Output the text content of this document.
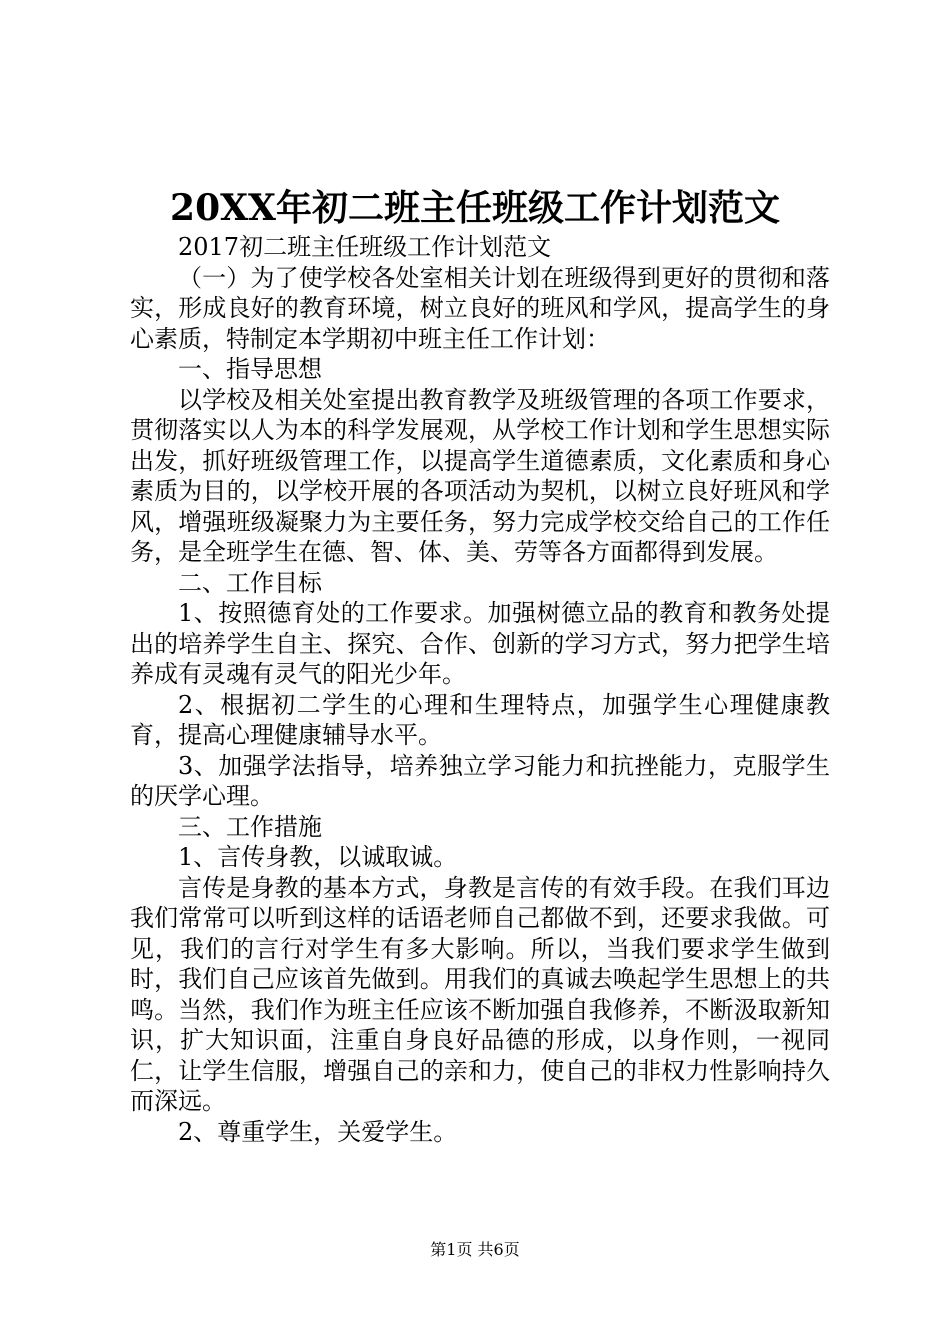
20XX年初二班主任班级工作计划范文

2017初二班主任班级工作计划范文

（一）为了使学校各处室相关计划在班级得到更好的贯彻和落实，形成良好的教育环境，树立良好的班风和学风，提高学生的身心素质，特制定本学期初中班主任工作计划：

一、指导思想

以学校及相关处室提出教育教学及班级管理的各项工作要求，贯彻落实以人为本的科学发展观，从学校工作计划和学生思想实际出发，抓好班级管理工作，以提高学生道德素质，文化素质和身心素质为目的，以学校开展的各项活动为契机，以树立良好班风和学风，增强班级凝聚力为主要任务，努力完成学校交给自己的工作任务，是全班学生在德、智、体、美、劳等各方面都得到发展。

二、工作目标

1、按照德育处的工作要求。加强树德立品的教育和教务处提出的培养学生自主、探究、合作、创新的学习方式，努力把学生培养成有灵魂有灵气的阳光少年。

2、根据初二学生的心理和生理特点，加强学生心理健康教育，提高心理健康辅导水平。

3、加强学法指导，培养独立学习能力和抗挫能力，克服学生的厌学心理。

三、工作措施

1、言传身教，以诚取诚。

言传是身教的基本方式，身教是言传的有效手段。在我们耳边我们常常可以听到这样的话语老师自己都做不到，还要求我做。可见，我们的言行对学生有多大影响。所以，当我们要求学生做到时，我们自己应该首先做到。用我们的真诚去唤起学生思想上的共鸣。当然，我们作为班主任应该不断加强自我修养，不断汲取新知识，扩大知识面，注重自身良好品德的形成，以身作则，一视同仁，让学生信服，增强自己的亲和力，使自己的非权力性影响持久而深远。

2、尊重学生，关爱学生。

第1页 共6页
